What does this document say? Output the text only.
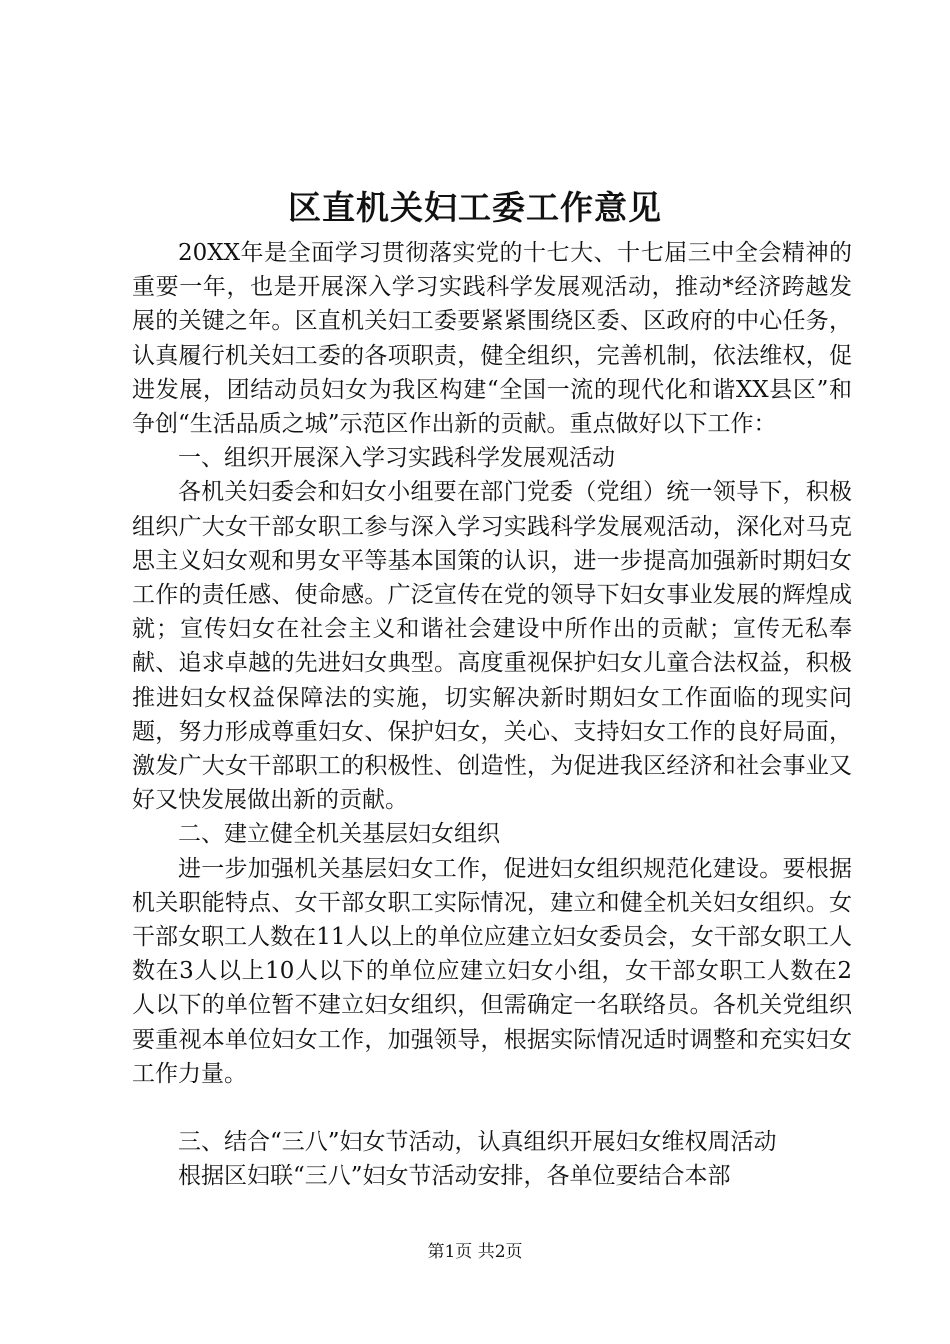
区直机关妇工委工作意见

20XX年是全面学习贯彻落实党的十七大、十七届三中全会精神的重要一年，也是开展深入学习实践科学发展观活动，推动*经济跨越发展的关键之年。区直机关妇工委要紧紧围绕区委、区政府的中心任务，认真履行机关妇工委的各项职责，健全组织，完善机制，依法维权，促进发展，团结动员妇女为我区构建“全国一流的现代化和谐XX县区”和争创“生活品质之城”示范区作出新的贡献。重点做好以下工作：

一、组织开展深入学习实践科学发展观活动

各机关妇委会和妇女小组要在部门党委（党组）统一领导下，积极组织广大女干部女职工参与深入学习实践科学发展观活动，深化对马克思主义妇女观和男女平等基本国策的认识，进一步提高加强新时期妇女工作的责任感、使命感。广泛宣传在党的领导下妇女事业发展的辉煌成就；宣传妇女在社会主义和谐社会建设中所作出的贡献；宣传无私奉献、追求卓越的先进妇女典型。高度重视保护妇女儿童合法权益，积极推进妇女权益保障法的实施，切实解决新时期妇女工作面临的现实问题，努力形成尊重妇女、保护妇女，关心、支持妇女工作的良好局面，激发广大女干部职工的积极性、创造性，为促进我区经济和社会事业又好又快发展做出新的贡献。

二、建立健全机关基层妇女组织

进一步加强机关基层妇女工作，促进妇女组织规范化建设。要根据机关职能特点、女干部女职工实际情况，建立和健全机关妇女组织。女干部女职工人数在11人以上的单位应建立妇女委员会，女干部女职工人数在3人以上10人以下的单位应建立妇女小组，女干部女职工人数在2人以下的单位暂不建立妇女组织，但需确定一名联络员。各机关党组织要重视本单位妇女工作，加强领导，根据实际情况适时调整和充实妇女工作力量。

三、结合“三八”妇女节活动，认真组织开展妇女维权周活动

根据区妇联“三八”妇女节活动安排，各单位要结合本部

第1页 共2页
